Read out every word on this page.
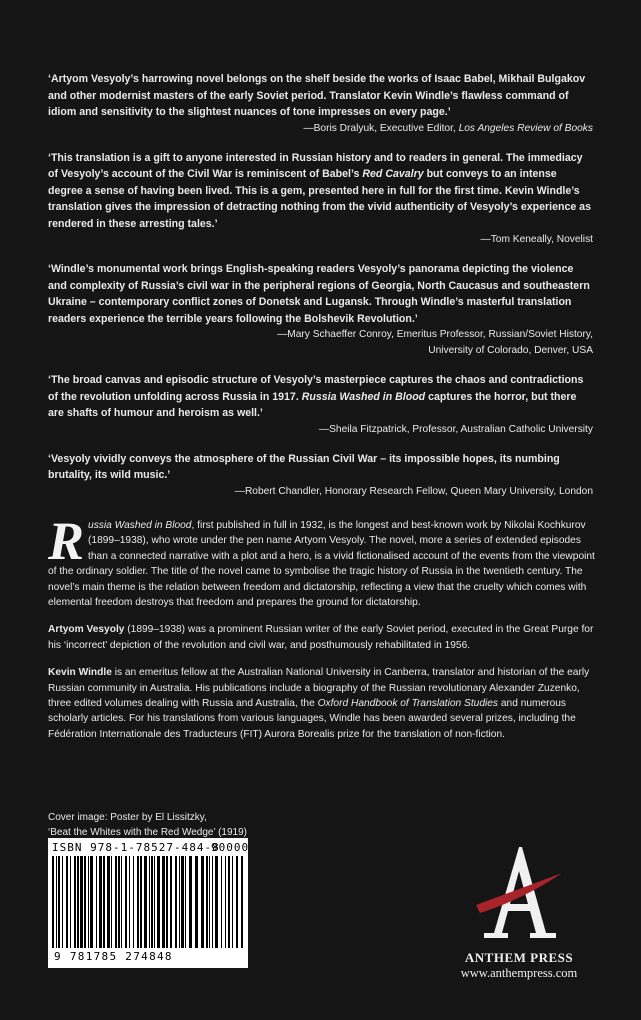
‘Artyom Vesyoly’s harrowing novel belongs on the shelf beside the works of Isaac Babel, Mikhail Bulgakov and other modernist masters of the early Soviet period. Translator Kevin Windle’s flawless command of idiom and sensitivity to the slightest nuances of tone impresses on every page.’

—Boris Dralyuk, Executive Editor, Los Angeles Review of Books

‘This translation is a gift to anyone interested in Russian history and to readers in general. The immediacy of Vesyoly’s account of the Civil War is reminiscent of Babel’s Red Cavalry but conveys to an intense degree a sense of having been lived. This is a gem, presented here in full for the first time. Kevin Windle’s translation gives the impression of detracting nothing from the vivid authenticity of Vesyoly’s experience as rendered in these arresting tales.’

—Tom Keneally, Novelist

‘Windle’s monumental work brings English-speaking readers Vesyoly’s panorama depicting the violence and complexity of Russia’s civil war in the peripheral regions of Georgia, North Caucasus and southeastern Ukraine – contemporary conflict zones of Donetsk and Lugansk. Through Windle’s masterful translation readers experience the terrible years following the Bolshevik Revolution.’

—Mary Schaeffer Conroy, Emeritus Professor, Russian/Soviet History,
University of Colorado, Denver, USA

‘The broad canvas and episodic structure of Vesyoly’s masterpiece captures the chaos and contradictions of the revolution unfolding across Russia in 1917. Russia Washed in Blood captures the horror, but there are shafts of humour and heroism as well.’

—Sheila Fitzpatrick, Professor, Australian Catholic University

‘Vesyoly vividly conveys the atmosphere of the Russian Civil War – its impossible hopes, its numbing brutality, its wild music.’

—Robert Chandler, Honorary Research Fellow, Queen Mary University, London

Russia Washed in Blood, first published in full in 1932, is the longest and best-known work by Nikolai Kochkurov (1899–1938), who wrote under the pen name Artyom Vesyoly. The novel, more a series of extended episodes than a connected narrative with a plot and a hero, is a vivid fictionalised account of the events from the viewpoint of the ordinary soldier. The title of the novel came to symbolise the tragic history of Russia in the twentieth century. The novel’s main theme is the relation between freedom and dictatorship, reflecting a view that the cruelty which comes with elemental freedom destroys that freedom and prepares the ground for dictatorship.

Artyom Vesyoly (1899–1938) was a prominent Russian writer of the early Soviet period, executed in the Great Purge for his ‘incorrect’ depiction of the revolution and civil war, and posthumously rehabilitated in 1956.

Kevin Windle is an emeritus fellow at the Australian National University in Canberra, translator and historian of the early Russian community in Australia. His publications include a biography of the Russian revolutionary Alexander Zuzenko, three edited volumes dealing with Russia and Australia, the Oxford Handbook of Translation Studies and numerous scholarly articles. For his translations from various languages, Windle has been awarded several prizes, including the Fédération Internationale des Traducteurs (FIT) Aurora Borealis prize for the translation of non-fiction.

Cover image: Poster by El Lissitzky,
‘Beat the Whites with the Red Wedge’ (1919)
ISBN 978-1-78527-484-8
90000
9 781785 274848	ANTHEM PRESS
www.anthempress.com
